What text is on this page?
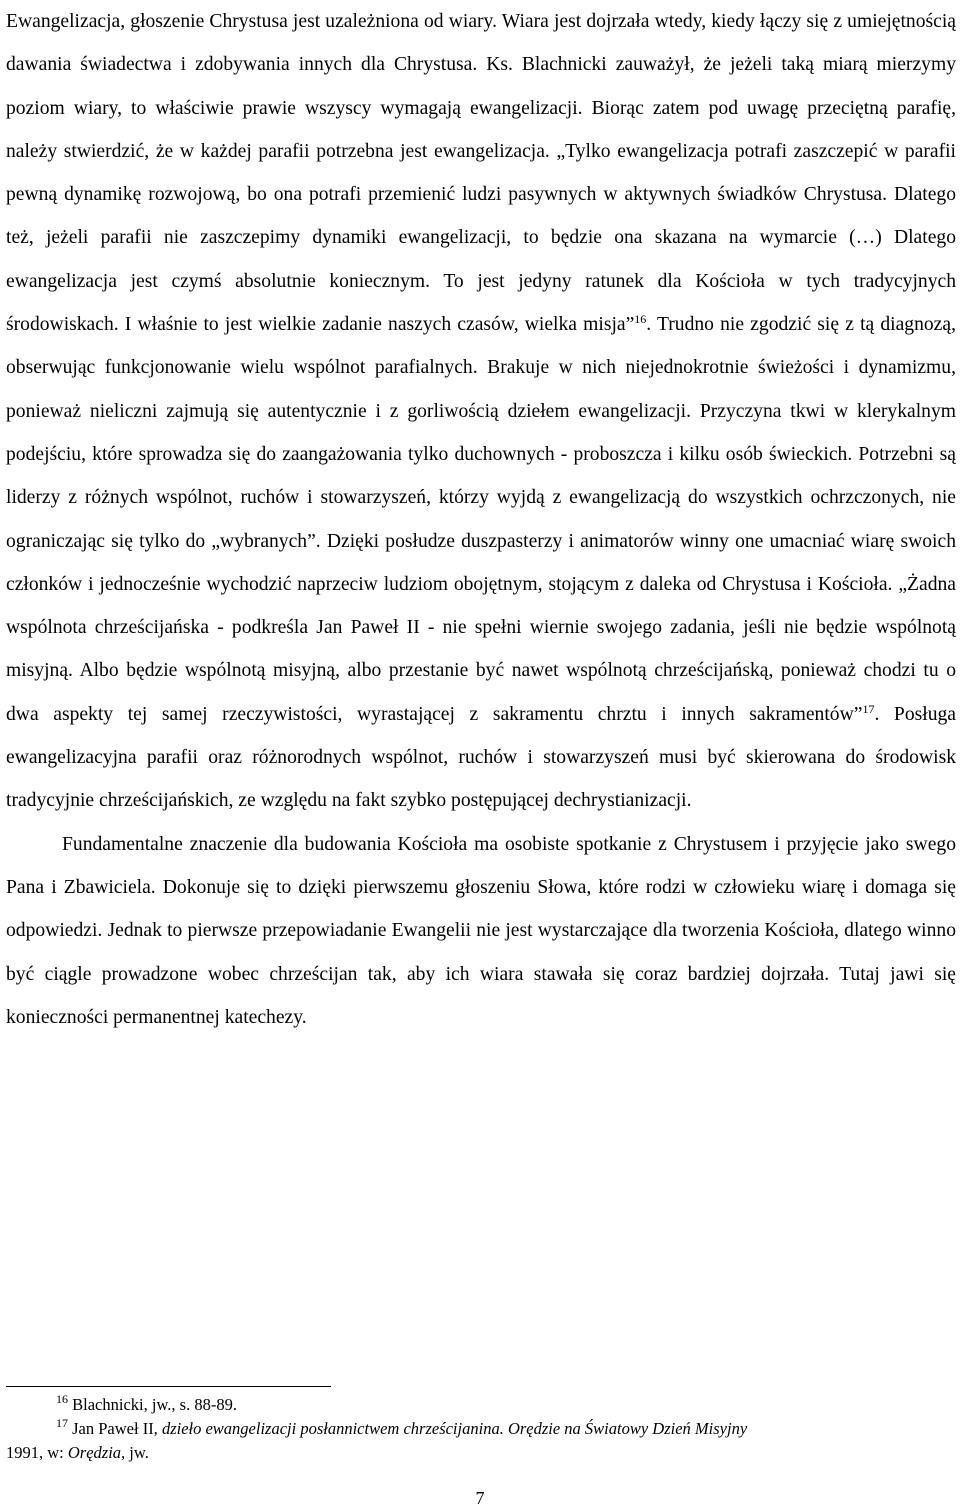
Ewangelizacja, głoszenie Chrystusa jest uzależniona od wiary. Wiara jest dojrzała wtedy, kiedy łączy się z umiejętnością dawania świadectwa i zdobywania innych dla Chrystusa. Ks. Blachnicki zauważył, że jeżeli taką miarą mierzymy poziom wiary, to właściwie prawie wszyscy wymagają ewangelizacji. Biorąc zatem pod uwagę przeciętną parafię, należy stwierdzić, że w każdej parafii potrzebna jest ewangelizacja. „Tylko ewangelizacja potrafi zaszczepić w parafii pewną dynamikę rozwojową, bo ona potrafi przemienić ludzi pasywnych w aktywnych świadków Chrystusa. Dlatego też, jeżeli parafii nie zaszczepimy dynamiki ewangelizacji, to będzie ona skazana na wymarcie (…) Dlatego ewangelizacja jest czymś absolutnie koniecznym. To jest jedyny ratunek dla Kościoła w tych tradycyjnych środowiskach. I właśnie to jest wielkie zadanie naszych czasów, wielka misja”$^{16}$. Trudno nie zgodzić się z tą diagnozą, obserwując funkcjonowanie wielu wspólnot parafialnych. Brakuje w nich niejednokrotnie świeżości i dynamizmu, ponieważ nieliczni zajmują się autentycznie i z gorliwością dziełem ewangelizacji. Przyczyna tkwi w klerykalnym podejściu, które sprowadza się do zaangażowania tylko duchownych - proboszcza i kilku osób świeckich. Potrzebni są liderzy z różnych wspólnot, ruchów i stowarzyszeń, którzy wyjdą z ewangelizacją do wszystkich ochrzczonych, nie ograniczając się tylko do „wybranych”. Dzięki posłudze duszpasterzy i animatorów winny one umacniać wiarę swoich członków i jednocześnie wychodzić naprzeciw ludziom obojętnym, stojącym z daleka od Chrystusa i Kościoła. „Żadna wspólnota chrześcijańska - podkreśla Jan Paweł II - nie spełni wiernie swojego zadania, jeśli nie będzie wspólnotą misyjną. Albo będzie wspólnotą misyjną, albo przestanie być nawet wspólnotą chrześcijańską, ponieważ chodzi tu o dwa aspekty tej samej rzeczywistości, wyrastającej z sakramentu chrztu i innych sakramentów”$^{17}$. Posługa ewangelizacyjna parafii oraz różnorodnych wspólnot, ruchów i stowarzyszeń musi być skierowana do środowisk tradycyjnie chrześcijańskich, ze względu na fakt szybko postępującej dechrystianizacji.

Fundamentalne znaczenie dla budowania Kościoła ma osobiste spotkanie z Chrystusem i przyjęcie jako swego Pana i Zbawiciela. Dokonuje się to dzięki pierwszemu głoszeniu Słowa, które rodzi w człowieku wiarę i domaga się odpowiedzi. Jednak to pierwsze przepowiadanie Ewangelii nie jest wystarczające dla tworzenia Kościoła, dlatego winno być ciągle prowadzone wobec chrześcijan tak, aby ich wiara stawała się coraz bardziej dojrzała. Tutaj jawi się konieczności permanentnej katechezy.

$^{16}$ Blachnicki, jw., s. 88-89.

$^{17}$ Jan Paweł II, dzieło ewangelizacji posłannictwem chrześcijanina. Orędzie na Światowy Dzień Misyjny
1991, w: Orędzia, jw.

7
